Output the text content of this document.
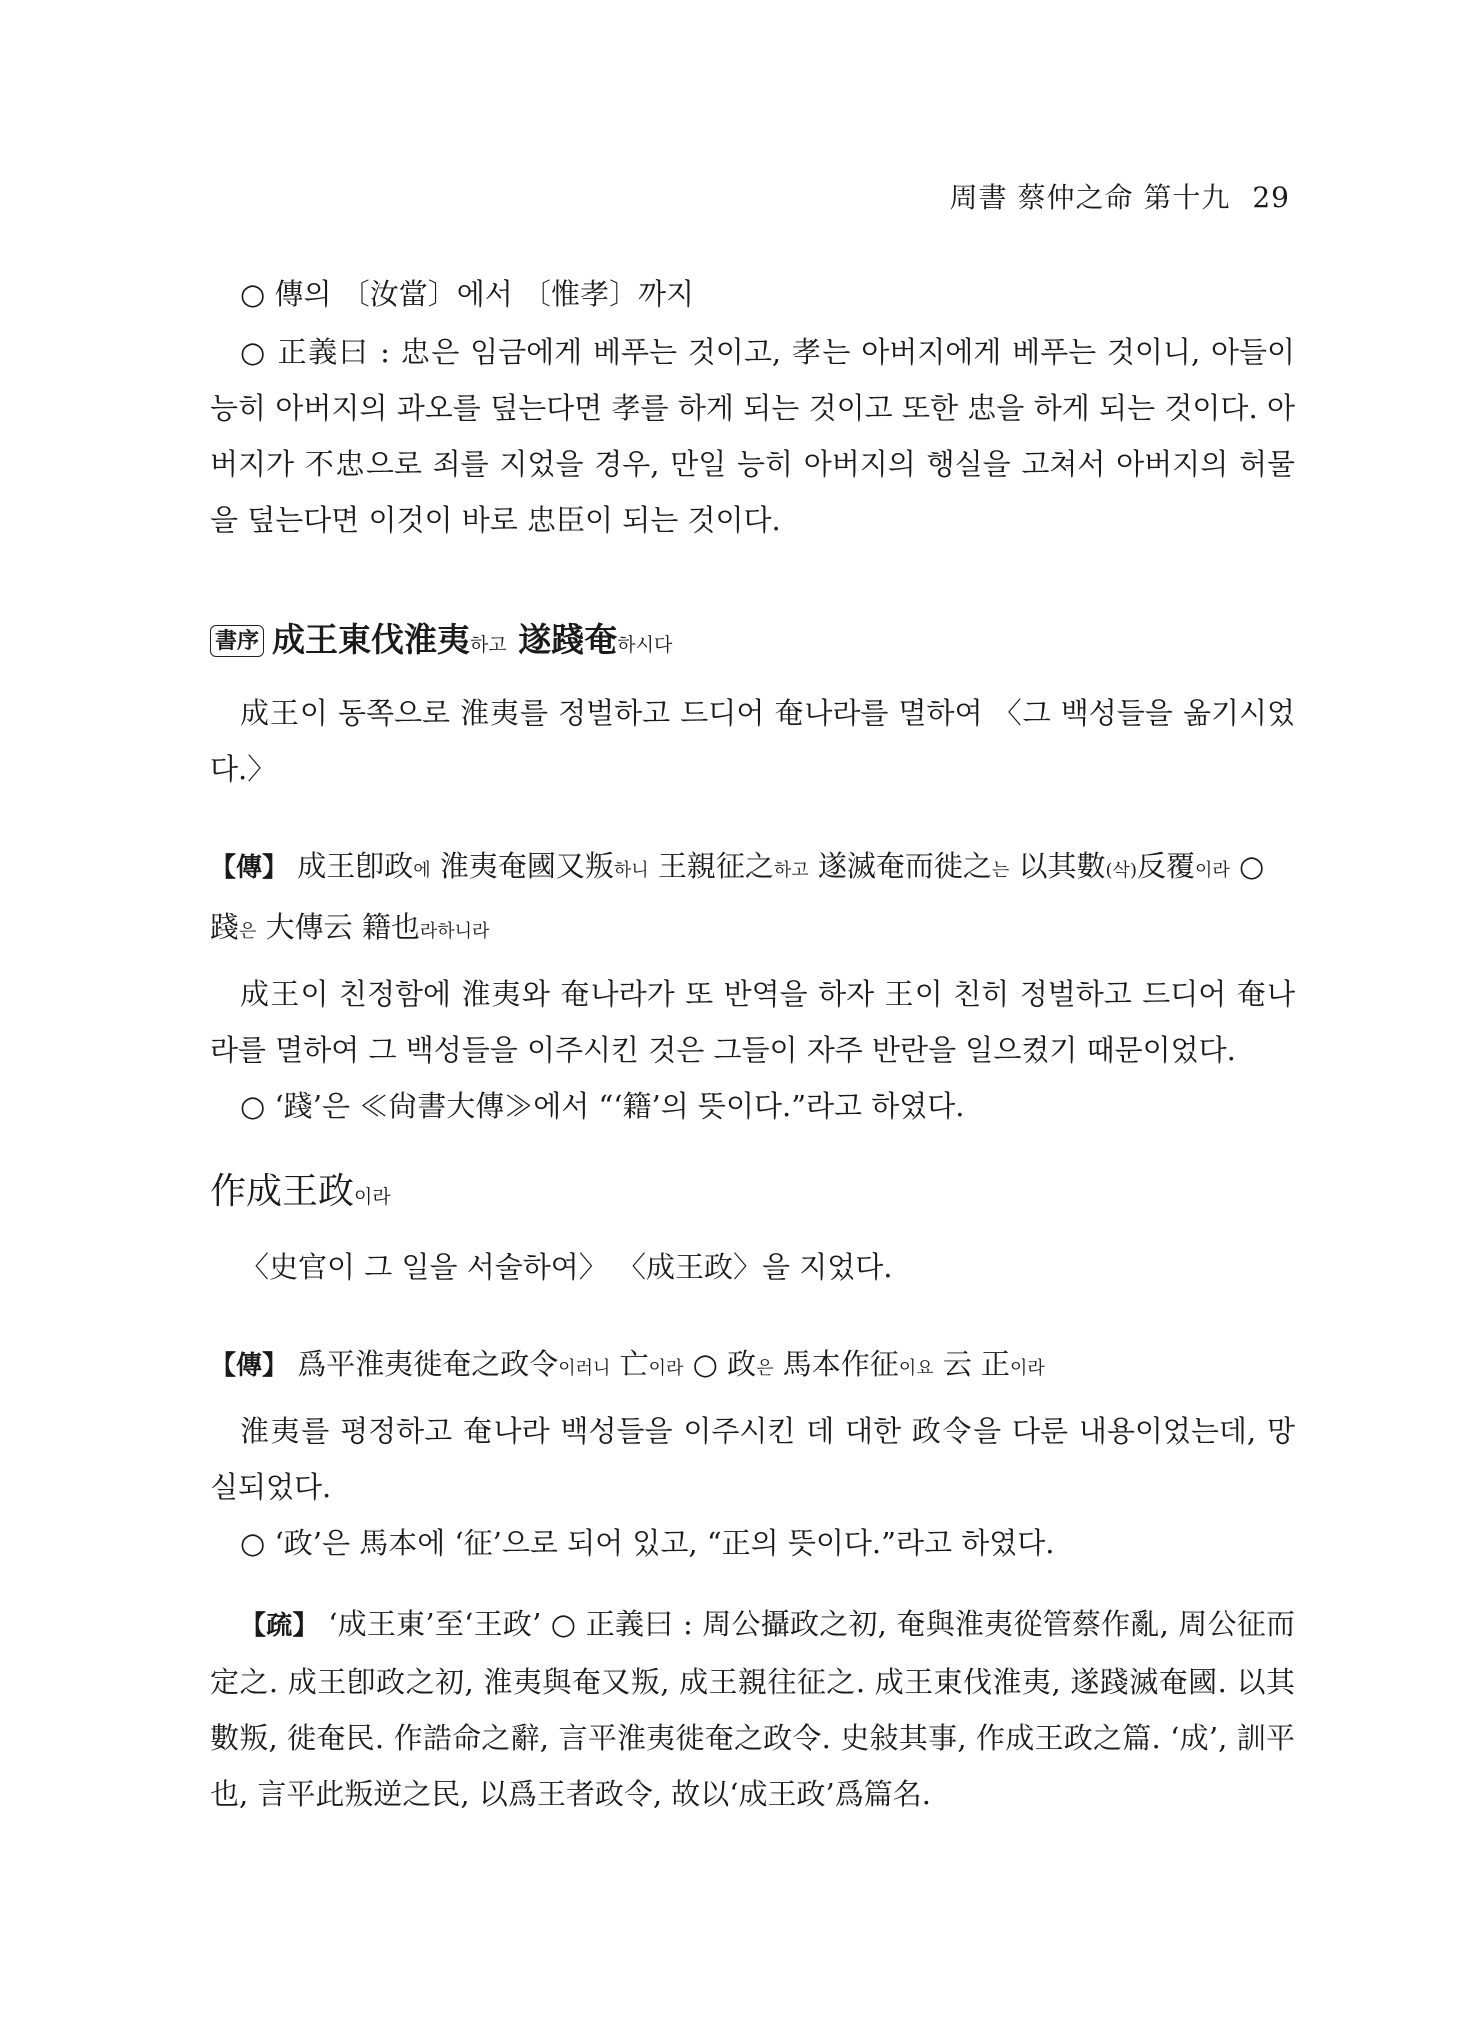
周書 蔡仲之命 第十九 29

○ 傳의 〔汝當〕에서 〔惟孝〕까지

○ 正義曰 : 忠은 임금에게 베푸는 것이고, 孝는 아버지에게 베푸는 것이니, 아들이 능히 아버지의 과오를 덮는다면 孝를 하게 되는 것이고 또한 忠을 하게 되는 것이다. 아버지가 不忠으로 죄를 지었을 경우, 만일 능히 아버지의 행실을 고쳐서 아버지의 허물을 덮는다면 이것이 바로 忠臣이 되는 것이다.

書序 成王東伐淮夷하고 遂踐奄하시다

成王이 동쪽으로 淮夷를 정벌하고 드디어 奄나라를 멸하여 〈그 백성들을 옮기시었다.〉

【傳】 成王卽政에 淮夷奄國又叛하니 王親征之하고 遂滅奄而徙之는 以其數(삭)反覆이라 ○ 踐은 大傳云 籍也라하니라

成王이 친정함에 淮夷와 奄나라가 또 반역을 하자 王이 친히 정벌하고 드디어 奄나라를 멸하여 그 백성들을 이주시킨 것은 그들이 자주 반란을 일으켰기 때문이었다.

○ ‘踐’은 ≪尙書大傳≫에서 “‘籍’의 뜻이다.”라고 하였다.

作成王政이라

〈史官이 그 일을 서술하여〉 〈成王政〉을 지었다.

【傳】 爲平淮夷徙奄之政令이러니 亡이라 ○ 政은 馬本作征이요 云 正이라

淮夷를 평정하고 奄나라 백성들을 이주시킨 데 대한 政令을 다룬 내용이었는데, 망실되었다.

○ ‘政’은 馬本에 ‘征’으로 되어 있고, “正의 뜻이다.”라고 하였다.

【疏】 ‘成王東’至‘王政’ ○ 正義曰 : 周公攝政之初, 奄與淮夷從管蔡作亂, 周公征而定之. 成王卽政之初, 淮夷與奄又叛, 成王親往征之. 成王東伐淮夷, 遂踐滅奄國. 以其數叛, 徙奄民. 作誥命之辭, 言平淮夷徙奄之政令. 史敍其事, 作成王政之篇. ‘成’, 訓平也, 言平此叛逆之民, 以爲王者政令, 故以‘成王政’爲篇名.
